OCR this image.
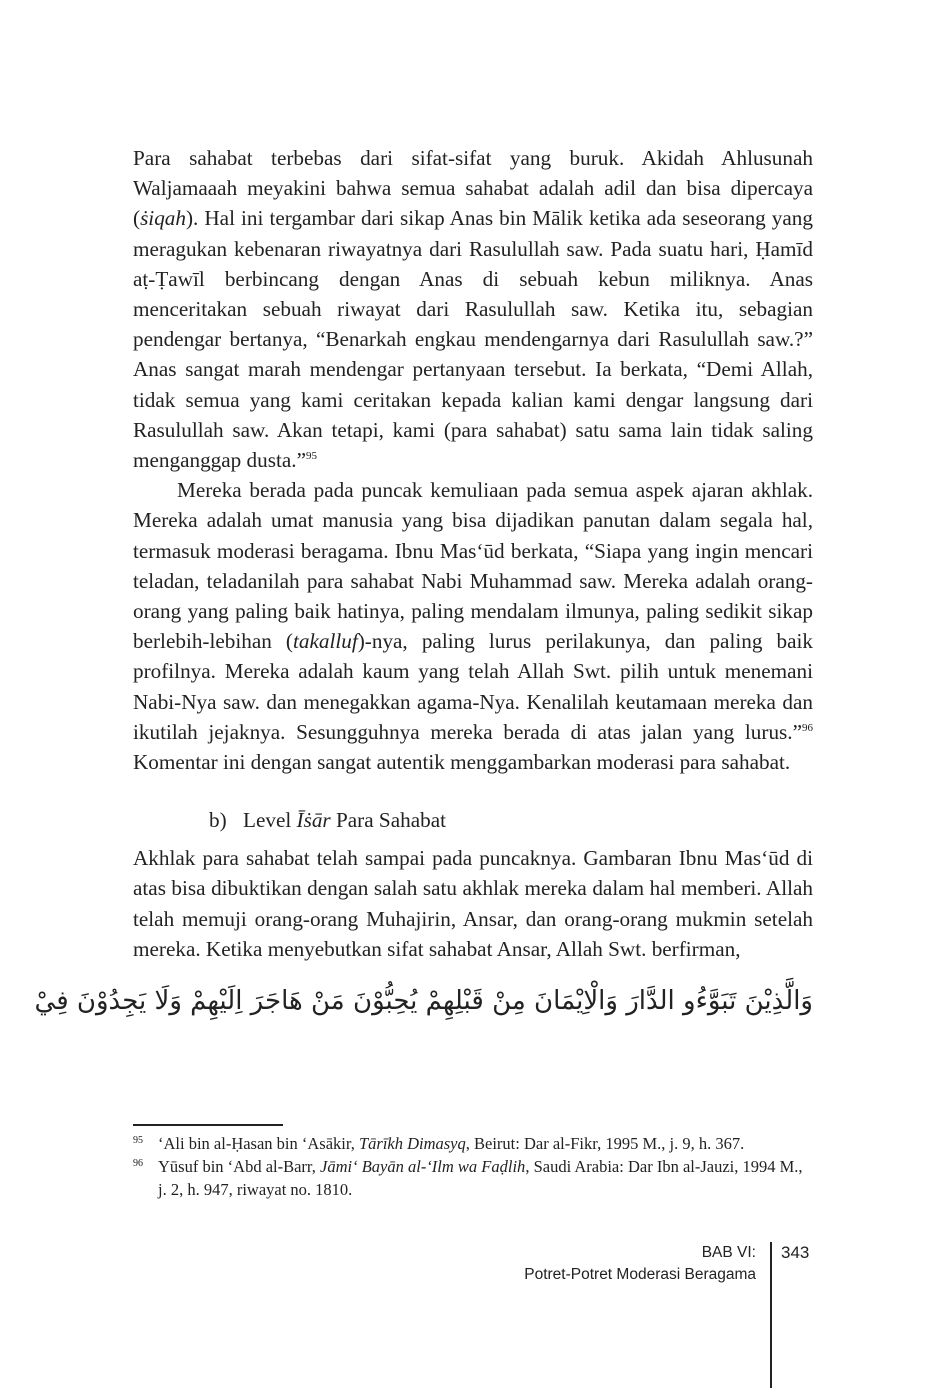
Para sahabat terbebas dari sifat-sifat yang buruk. Akidah Ahlusunah Waljamaaah meyakini bahwa semua sahabat adalah adil dan bisa dipercaya (ṡiqah). Hal ini tergambar dari sikap Anas bin Mālik ketika ada seseorang yang meragukan kebenaran riwayatnya dari Rasulullah saw. Pada suatu hari, Ḥamīd aṭ-Ṭawīl berbincang dengan Anas di sebuah kebun miliknya. Anas menceritakan sebuah riwayat dari Rasulullah saw. Ketika itu, sebagian pendengar bertanya, “Benarkah engkau mendengarnya dari Rasulullah saw.?” Anas sangat marah mendengar pertanyaan tersebut. Ia berkata, “Demi Allah, tidak semua yang kami ceritakan kepada kalian kami dengar langsung dari Rasulullah saw. Akan tetapi, kami (para sahabat) satu sama lain tidak saling menganggap dusta.”$^{95}$

Mereka berada pada puncak kemuliaan pada semua aspek ajaran akhlak. Mereka adalah umat manusia yang bisa dijadikan panutan dalam segala hal, termasuk moderasi beragama. Ibnu Mas‘ūd berkata, “Siapa yang ingin mencari teladan, teladanilah para sahabat Nabi Muhammad saw. Mereka adalah orang-orang yang paling baik hatinya, paling mendalam ilmunya, paling sedikit sikap berlebih-lebihan (takalluf)-nya, paling lurus perilakunya, dan paling baik profilnya. Mereka adalah kaum yang telah Allah Swt. pilih untuk menemani Nabi-Nya saw. dan menegakkan agama-Nya. Kenalilah keutamaan mereka dan ikutilah jejaknya. Sesungguhnya mereka berada di atas jalan yang lurus.”$^{96}$ Komentar ini dengan sangat autentik menggambarkan moderasi para sahabat.

b) Level Īṡār Para Sahabat

Akhlak para sahabat telah sampai pada puncaknya. Gambaran Ibnu Mas‘ūd di atas bisa dibuktikan dengan salah satu akhlak mereka dalam hal memberi. Allah telah memuji orang-orang Muhajirin, Ansar, dan orang-orang mukmin setelah mereka. Ketika menyebutkan sifat sahabat Ansar, Allah Swt. berfirman,

وَالَّذِيْنَ تَبَوَّءُو الدَّارَ وَالْاِيْمَانَ مِنْ قَبْلِهِمْ يُحِبُّوْنَ مَنْ هَاجَرَ اِلَيْهِمْ وَلَا يَجِدُوْنَ فِيْ

95 ‘Ali bin al-Ḥasan bin ‘Asākir, Tārīkh Dimasyq, Beirut: Dar al-Fikr, 1995 M., j. 9, h. 367.

96 Yūsuf bin ‘Abd al-Barr, Jāmi‘ Bayān al-‘Ilm wa Faḍlih, Saudi Arabia: Dar Ibn al-Jauzi, 1994 M., j. 2, h. 947, riwayat no. 1810.

BAB VI:
Potret-Potret Moderasi Beragama
343
